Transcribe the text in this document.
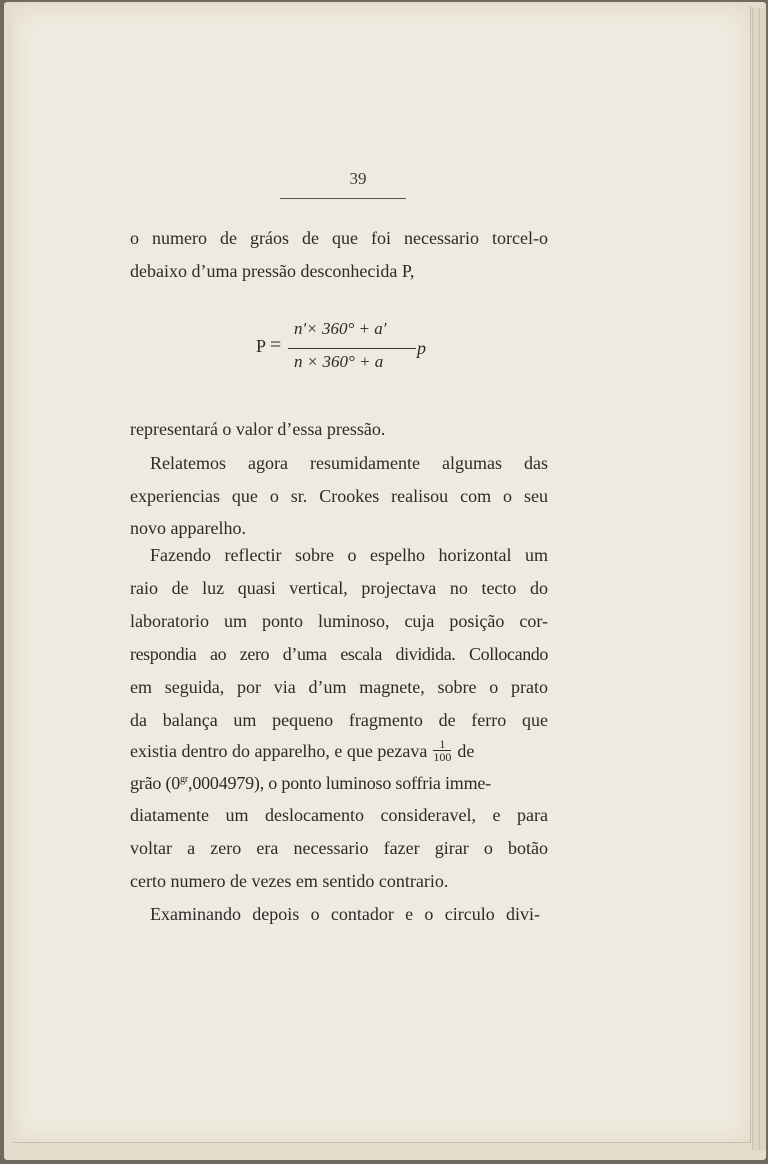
39
o numero de gráos de que foi necessario torcel-o
debaixo d’uma pressão desconhecida P,
P =
n′× 360° + a′
n × 360° + a
p
representará o valor d’essa pressão.
Relatemos agora resumidamente algumas das
experiencias que o sr. Crookes realisou com o seu
novo apparelho.
Fazendo reflectir sobre o espelho horizontal um
raio de luz quasi vertical, projectava no tecto do
laboratorio um ponto luminoso, cuja posição cor-
respondia ao zero d’uma escala dividida. Collocando
em seguida, por via d’um magnete, sobre o prato
da balança um pequeno fragmento de ferro que
existia dentro do apparelho, e que pezava $\frac{1}{100}$ de
grão $(0^{gr},0004979)$, o ponto luminoso soffria imme-
diatamente um deslocamento consideravel, e para
voltar a zero era necessario fazer girar o botão
certo numero de vezes em sentido contrario.
Examinando depois o contador e o circulo divi-
